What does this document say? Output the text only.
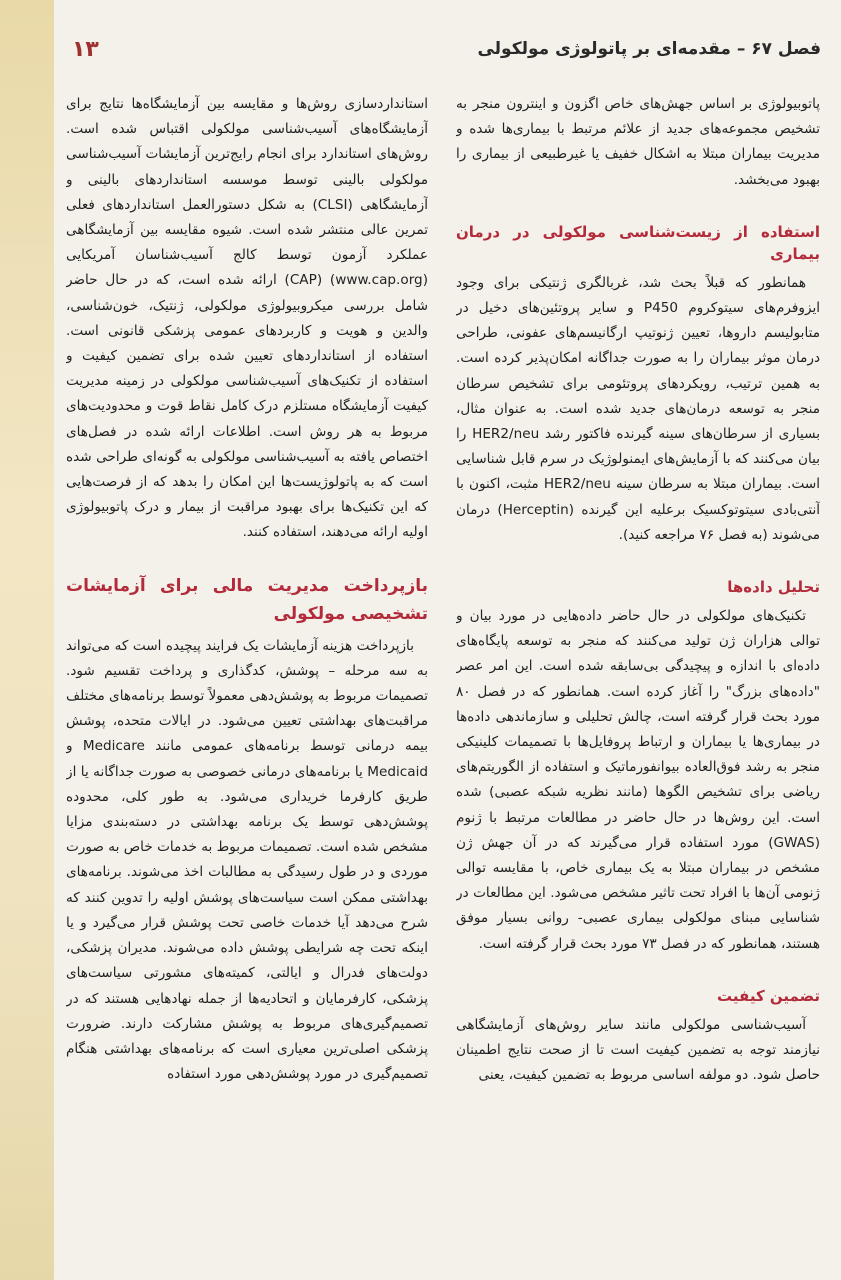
فصل ۶۷ – مقدمه‌ای بر پاتولوژی مولکولی
۱۳

پاتوبیولوژی بر اساس جهش‌های خاص اگزون و اینترون منجر به تشخیص مجموعه‌های جدید از علائم مرتبط با بیماری‌ها شده و مدیریت بیماران مبتلا به اشکال خفیف یا غیرطبیعی از بیماری را بهبود می‌بخشد.

استفاده از زیست‌شناسی مولکولی در درمان بیماری

همانطور که قبلاً بحث شد، غربالگری ژنتیکی برای وجود ایزوفرم‌های سیتوکروم P450 و سایر پروتئین‌های دخیل در متابولیسم داروها، تعیین ژنوتیپ ارگانیسم‌های عفونی، طراحی درمان موثر بیماران را به صورت جداگانه امکان‌پذیر کرده است. به همین ترتیب، رویکردهای پروتئومی برای تشخیص سرطان منجر به توسعه درمان‌های جدید شده است. به عنوان مثال، بسیاری از سرطان‌های سینه گیرنده فاکتور رشد HER2/neu را بیان می‌کنند که با آزمایش‌های ایمنولوژیک در سرم قابل شناسایی است. بیماران مبتلا به سرطان سینه HER2/neu مثبت، اکنون با آنتی‌بادی سیتوتوکسیک برعلیه این گیرنده (Herceptin) درمان می‌شوند (به فصل ۷۶ مراجعه کنید).

تحلیل داده‌ها

تکنیک‌های مولکولی در حال حاضر داده‌هایی در مورد بیان و توالی هزاران ژن تولید می‌کنند که منجر به توسعه پایگاه‌های داده‌ای با اندازه و پیچیدگی بی‌سابقه شده است. این امر عصر "داده‌های بزرگ" را آغاز کرده است. همانطور که در فصل ۸۰ مورد بحث قرار گرفته است، چالش تحلیلی و سازماندهی داده‌ها در بیماری‌ها یا بیماران و ارتباط پروفایل‌ها با تصمیمات کلینیکی منجر به رشد فوق‌العاده بیوانفورماتیک و استفاده از الگوریتم‌های ریاضی برای تشخیص الگوها (مانند نظریه شبکه عصبی) شده است. این روش‌ها در حال حاضر در مطالعات مرتبط با ژنوم (GWAS) مورد استفاده قرار می‌گیرند که در آن جهش ژن مشخص در بیماران مبتلا به یک بیماری خاص، با مقایسه توالی ژنومی آن‌ها با افراد تحت تاثیر مشخص می‌شود. این مطالعات در شناسایی مبنای مولکولی بیماری عصبی- روانی بسیار موفق هستند، همانطور که در فصل ۷۳ مورد بحث قرار گرفته است.

تضمین کیفیت

آسیب‌شناسی مولکولی مانند سایر روش‌های آزمایشگاهی نیازمند توجه به تضمین کیفیت است تا از صحت نتایج اطمینان حاصل شود. دو مولفه اساسی مربوط به تضمین کیفیت، یعنی

استانداردسازی روش‌ها و مقایسه بین آزمایشگاه‌ها نتایج برای آزمایشگاه‌های آسیب‌شناسی مولکولی اقتباس شده است. روش‌های استاندارد برای انجام رایج‌ترین آزمایشات آسیب‌شناسی مولکولی بالینی توسط موسسه استانداردهای بالینی و آزمایشگاهی (CLSI) به شکل دستورالعمل استانداردهای فعلی تمرین عالی منتشر شده است. شیوه مقایسه بین آزمایشگاهی عملکرد آزمون توسط کالج آسیب‌شناسان آمریکایی (www.cap.org) (CAP) ارائه شده است، که در حال حاضر شامل بررسی میکروبیولوژی مولکولی، ژنتیک، خون‌شناسی، والدین و هویت و کاربردهای عمومی پزشکی قانونی است. استفاده از استانداردهای تعیین شده برای تضمین کیفیت و استفاده از تکنیک‌های آسیب‌شناسی مولکولی در زمینه مدیریت کیفیت آزمایشگاه مستلزم درک کامل نقاط قوت و محدودیت‌های مربوط به هر روش است. اطلاعات ارائه شده در فصل‌های اختصاص یافته به آسیب‌شناسی مولکولی به گونه‌ای طراحی شده است که به پاتولوژیست‌ها این امکان را بدهد که از فرصت‌هایی که این تکنیک‌ها برای بهبود مراقبت از بیمار و درک پاتوبیولوژی اولیه ارائه می‌دهند، استفاده کنند.

بازپرداخت مدیریت مالی برای آزمایشات تشخیصی مولکولی

بازپرداخت هزینه آزمایشات یک فرایند پیچیده است که می‌تواند به سه مرحله – پوشش، کدگذاری و پرداخت تقسیم شود. تصمیمات مربوط به پوشش‌دهی معمولاً توسط برنامه‌های مختلف مراقبت‌های بهداشتی تعیین می‌شود. در ایالات متحده، پوشش بیمه درمانی توسط برنامه‌های عمومی مانند Medicare و Medicaid یا برنامه‌های درمانی خصوصی به صورت جداگانه یا از طریق کارفرما خریداری می‌شود. به طور کلی، محدوده پوشش‌دهی توسط یک برنامه بهداشتی در دسته‌بندی مزایا مشخص شده است. تصمیمات مربوط به خدمات خاص به صورت موردی و در طول رسیدگی به مطالبات اخذ می‌شوند. برنامه‌های بهداشتی ممکن است سیاست‌های پوشش اولیه را تدوین کنند که شرح می‌دهد آیا خدمات خاصی تحت پوشش قرار می‌گیرد و یا اینکه تحت چه شرایطی پوشش داده می‌شوند. مدیران پزشکی، دولت‌های فدرال و ایالتی، کمیته‌های مشورتی سیاست‌های پزشکی، کارفرمایان و اتحادیه‌ها از جمله نهادهایی هستند که در تصمیم‌گیری‌های مربوط به پوشش مشارکت دارند. ضرورت پزشکی اصلی‌ترین معیاری است که برنامه‌های بهداشتی هنگام تصمیم‌گیری در مورد پوشش‌دهی مورد استفاده
